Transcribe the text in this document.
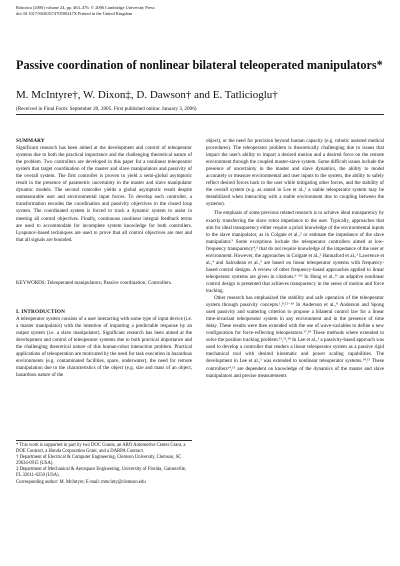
Robotica (2006) volume 24, pp. 463–476. © 2006 Cambridge University Press
doi:10.1017/S026357470500247X Printed in the United Kingdom
Passive coordination of nonlinear bilateral teleoperated manipulators*
M. McIntyre†, W. Dixon‡, D. Dawson† and E. Tatlicioglu†
(Received in Final Form: September 20, 2005. First published online: January 3, 2006)
SUMMARY

Significant research has been aimed at the development and control of teleoperator systems due to both the practical importance and the challenging theoretical nature of the problem. Two controllers are developed in this paper for a nonlinear teleoperator system that target coordination of the master and slave manipulators and passivity of the overall system. The first controller is proven to yield a semi-global asymptotic result in the presence of parametric uncertainty in the master and slave manipulator dynamic models. The second controller yields a global asymptotic result despite unmeasurable user and environmental input forces. To develop each controller, a transformation encodes the coordination and passivity objectives in the closed loop system. The coordinated system is forced to track a dynamic system to assist in meeting all control objectives. Finally, continuous nonlinear integral feedback terms are used to accommodate for incomplete system knowledge for both controllers. Lyapunov-based techniques are used to prove that all control objectives are met and that all signals are bounded.

KEYWORDS: Teleoperated manipulators; Passive coordination; Controllers.
I. INTRODUCTION

A teleoperator system consists of a user interacting with some type of input device (i.e. a master manipulator) with the intention of imparting a predictable response by an output system (i.e. a slave manipulator). Significant research has been aimed at the development and control of teleoperator systems due to both practical importance and the challenging theoretical nature of this human-robot interaction problem. Practical applications of teleoperation are motivated by the need for task execution in hazardous environments (e.g. contaminated facilities, space, underwater), the need for remote manipulation due to the characteristics of the object (e.g. size and mass of an object, hazardous nature of the

* This work is supported in part by two DOC Grants, an ARO Automotive Center Grant, a DOE Contract, a Honda Corporation Grant, and a DARPA Contract.

† Department of Electrical & Computer Engineering, Clemson University, Clemson, SC 29634-0915 (USA).

‡ Department of Mechanical & Aerospace Engineering, University of Florida, Gainesville, FL 32611-6250 (USA).

Corresponding author: M. McIntyre; E-mail: mmcinty@clemson.edu

object), or the need for precision beyond human capacity (e.g. robotic assisted medical procedures). The teleoperator problem is theoretically challenging due to issues that impact the user's ability to impart a desired motion and a desired force on the remote environment through the coupled master-slave system. Some difficult issues include the presence of uncertainty in the master and slave dynamics, the ability to model accurately or measure environmental and user inputs to the system, the ability to safely reflect desired forces back to the user while mitigating other forces, and the stability of the overall system (e.g. as stated in Lee et al.,¹ a stable teleoperator system may be destabilized when interacting with a stable environment due to coupling between the systems).

The emphasis of some previous related research is to achieve ideal transparency by exactly transferring the slave robot impedance to the user. Typically, approaches that aim for ideal transparency either require a priori knowledge of the environmental inputs to the slave manipulator, as in Colgate et al.,² or estimate the impedance of the slave manipulator.³ Some exceptions include the teleoperator controllers aimed at low-frequency transparency⁴,⁵ that do not require knowledge of the impedance of the user or environment. However, the approaches in Colgate et al.,² Hannaford et al.,³ Lawrence et al.,⁴ and Salcudean et al.,⁵ are based on linear teleoperator systems with frequency-based control designs. A review of other frequency-based approaches applied to linear teleoperator systems are given in citations.⁶⁻¹⁰ In Hung et al.,¹¹ an adaptive nonlinear control design is presented that achieves transparency in the sense of motion and force tracking.

Other research has emphasized the stability and safe operation of the teleoperator system through passivity concepts.¹,⁸,¹²⁻¹⁸ In Anderson et al.,⁸ Anderson and Spong used passivity and scattering criterion to propose a bilateral control law for a linear time-invariant teleoperator system in any environment and in the presence of time delay. These results were then extended with the use of wave-variables to define a new configuration for force-reflecting teleoperators.¹⁷,¹⁸ These methods where extended to solve the position tracking problem.¹²,¹³,¹⁸ In Lee et al.,¹ a passivity-based approach was used to develop a controller that renders a linear teleoperator system as a passive rigid mechanical tool with desired kinematic and power scaling capabilities. The development in Lee et al.,¹ was extended to nonlinear teleoperator systems.¹⁴,¹⁵ These controllers¹⁴,¹⁵ are dependent on knowledge of the dynamics of the master and slave manipulators and precise measurements
